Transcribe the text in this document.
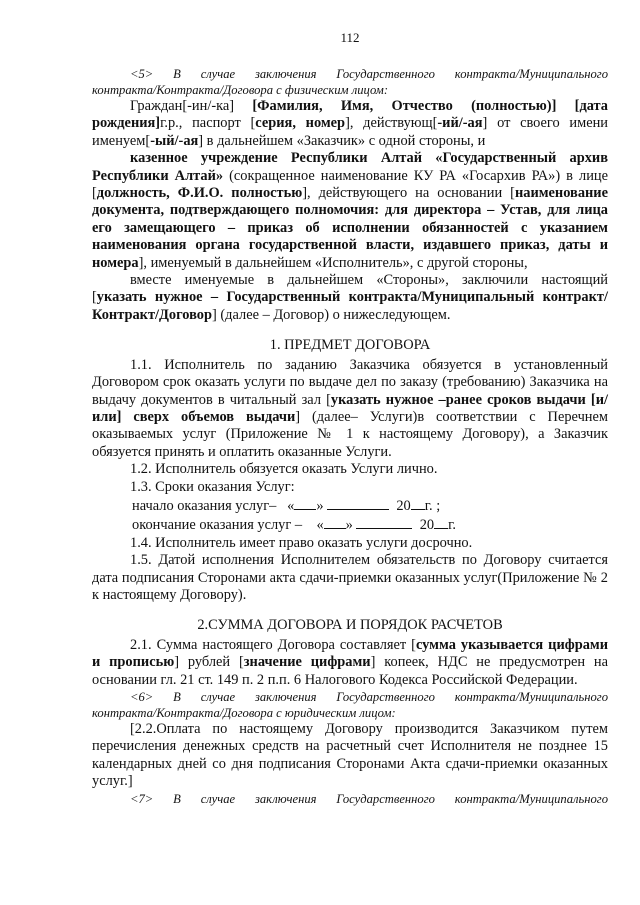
112

<5> В случае заключения Государственного контракта/Муниципального

контракта/Контракта/Договора с физическим лицом:

Граждан[-ин/-ка] [Фамилия, Имя, Отчество (полностью)] [дата рождения]г.р., паспорт [серия, номер], действующ[-ий/-ая] от своего имени именуем[-ый/-ая] в дальнейшем «Заказчик» с одной стороны, и

казенное учреждение Республики Алтай «Государственный архив Республики Алтай» (сокращенное наименование КУ РА «Госархив РА») в лице [должность, Ф.И.О. полностью], действующего на основании [наименование документа, подтверждающего полномочия: для директора – Устав, для лица его замещающего – приказ об исполнении обязанностей с указанием наименования органа государственной власти, издавшего приказ, даты и номера], именуемый в дальнейшем «Исполнитель», с другой стороны,

вместе именуемые в дальнейшем «Стороны», заключили настоящий [указать нужное – Государственный контракта/Муниципальный контракт/Контракт/Договор] (далее – Договор) о нижеследующем.

1. ПРЕДМЕТ ДОГОВОРА

1.1. Исполнитель по заданию Заказчика обязуется в установленный Договором срок оказать услуги по выдаче дел по заказу (требованию) Заказчика на выдачу документов в читальный зал [указать нужное –ранее сроков выдачи [и/или] сверх объемов выдачи] (далее– Услуги)в соответствии с Перечнем оказываемых услуг (Приложение № 1 к настоящему Договору), а Заказчик обязуется принять и оплатить оказанные Услуги.

1.2. Исполнитель обязуется оказать Услуги лично.

1.3. Сроки оказания Услуг:

начало оказания услуг– « »	20 г. ;

окончание оказания услуг – « »	20 г.

1.4. Исполнитель имеет право оказать услуги досрочно.

1.5. Датой исполнения Исполнителем обязательств по Договору считается дата подписания Сторонами акта сдачи-приемки оказанных услуг(Приложение № 2 к настоящему Договору).

2.СУММА ДОГОВОРА И ПОРЯДОК РАСЧЕТОВ

2.1. Сумма настоящего Договора составляет [сумма указывается цифрами и прописью] рублей [значение цифрами] копеек, НДС не предусмотрен на основании гл. 21 ст. 149 п. 2 п.п. 6 Налогового Кодекса Российской Федерации.

<6> В случае заключения Государственного контракта/Муниципального

контракта/Контракта/Договора с юридическим лицом:

[2.2.Оплата по настоящему Договору производится Заказчиком путем перечисления денежных средств на расчетный счет Исполнителя не позднее 15 календарных дней со дня подписания Сторонами Акта сдачи-приемки оказанных услуг.]

<7> В случае заключения Государственного контракта/Муниципального
